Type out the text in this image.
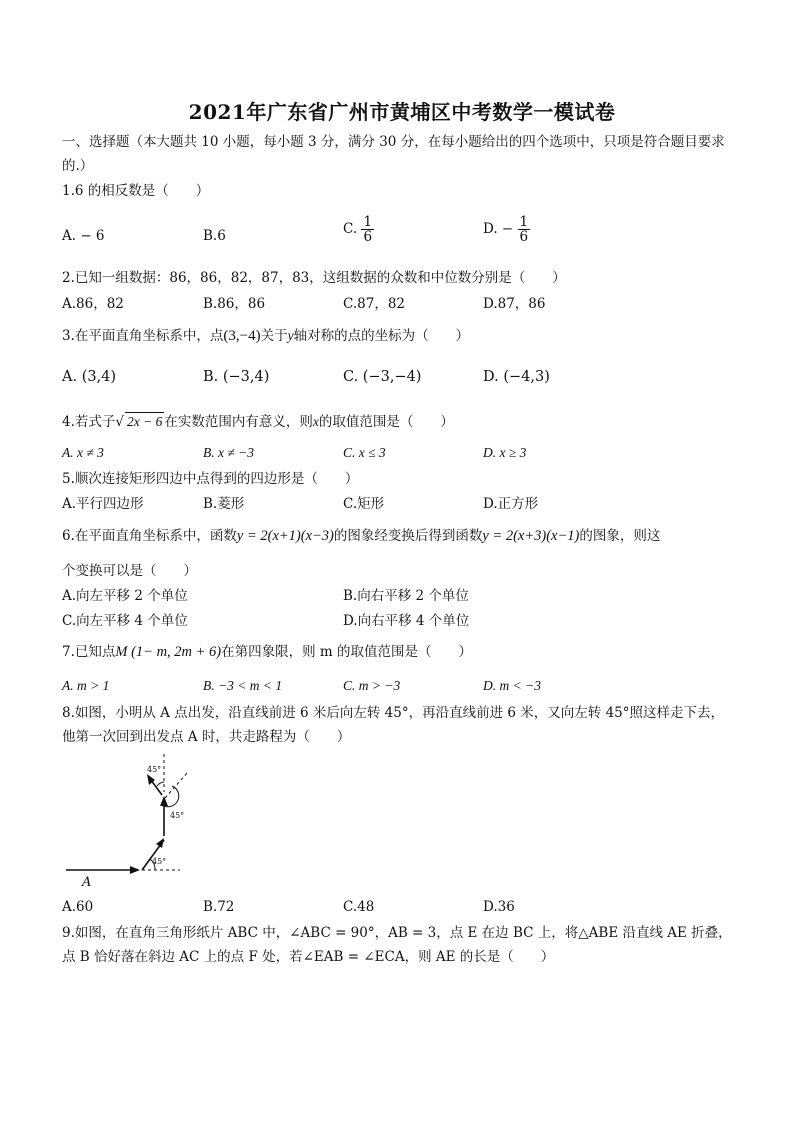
2021年广东省广州市黄埔区中考数学一模试卷
一、选择题（本大题共 10 小题，每小题 3 分，满分 30 分，在每小题给出的四个选项中，只项是符合题目要求
的.）
1.6 的相反数是（　　）
A. − 6	B.6	C. $\frac{1}{6}$	D. − $\frac{1}{6}$
2.已知一组数据：86，86，82，87，83，这组数据的众数和中位数分别是（　　）
A.86，82	B.86，86	C.87，82	D.87，86
3.在平面直角坐标系中，点(3,−4)关于y轴对称的点的坐标为（　　）
A. (3,4)	B. (−3,4)	C. (−3,−4)	D. (−4,3)
4.若式子√ 2x − 6 在实数范围内有意义，则x的取值范围是（　　）
A. x ≠ 3	B. x ≠ −3	C. x ≤ 3	D. x ≥ 3
5.顺次连接矩形四边中点得到的四边形是（　　）
A.平行四边形	B.菱形	C.矩形	D.正方形
6.在平面直角坐标系中，函数y = 2(x+1)(x−3)的图象经变换后得到函数y = 2(x+3)(x−1)的图象，则这
个变换可以是（　　）
A.向左平移 2 个单位	B.向右平移 2 个单位
C.向左平移 4 个单位	D.向右平移 4 个单位
7.已知点M (1− m, 2m + 6)在第四象限，则 m 的取值范围是（　　）
A. m > 1	B. −3 < m < 1	C. m > −3	D. m < −3
8.如图，小明从 A 点出发，沿直线前进 6 米后向左转 45°，再沿直线前进 6 米，又向左转 45°照这样走下去，
他第一次回到出发点 A 时，共走路程为（　　）
45°
45°
45°
A
A.60	B.72	C.48	D.36
9.如图，在直角三角形纸片 ABC 中，∠ABC = 90°，AB = 3，点 E 在边 BC 上，将△ABE 沿直线 AE 折叠，
点 B 恰好落在斜边 AC 上的点 F 处，若∠EAB = ∠ECA，则 AE 的长是（　　）
